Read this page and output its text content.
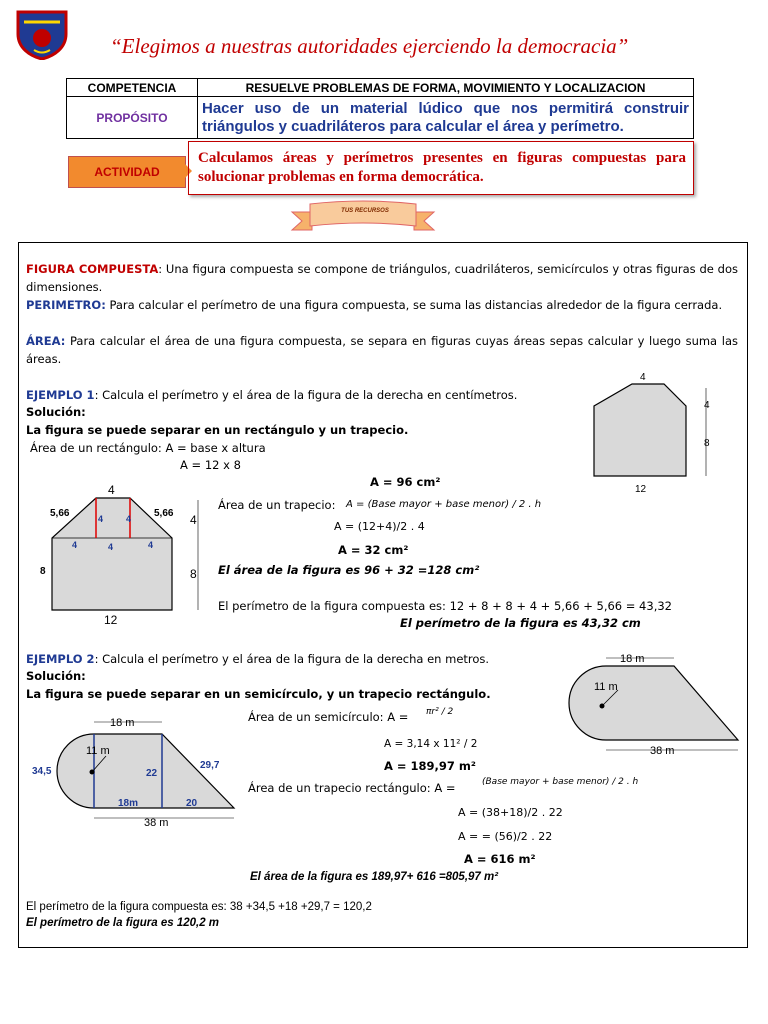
“Elegimos a nuestras autoridades ejerciendo la democracia”
COMPETENCIA	RESUELVE PROBLEMAS DE FORMA, MOVIMIENTO Y LOCALIZACION
PROPÓSITO	Hacer uso de un material lúdico que nos permitirá construir triángulos y cuadriláteros para calcular el área y perímetro.
ACTIVIDAD
Calculamos áreas y perímetros presentes en figuras compuestas para solucionar problemas en forma democrática.
TUS RECURSOS
FIGURA COMPUESTA: Una figura compuesta se compone de triángulos, cuadriláteros, semicírculos y otras figuras de dos dimensiones.
PERIMETRO: Para calcular el perímetro de una figura compuesta, se suma las distancias alrededor de la figura cerrada.
ÁREA: Para calcular el área de una figura compuesta, se separa en figuras cuyas áreas sepas calcular y luego suma las áreas.
EJEMPLO 1: Calcula el perímetro y el área de la figura de la derecha en centímetros.
Solución:
La figura se puede separar en un rectángulo y un trapecio.
Área de un rectángulo: A = base x altura
A = 12 x 8
A = 96 cm²
Área de un trapecio: A = (Base mayor + base menor) / 2 . h
A = (12+4)/2 . 4
A = 32 cm²
El área de la figura es 96 + 32 =128 cm²
El perímetro de la figura compuesta es: 12 + 8 + 8 + 4 + 5,66 + 5,66 = 43,32
El perímetro de la figura es 43,32 cm
4
4
8
12
4
5,66	5,66
4	4
4	4	4
4
8
8
12
EJEMPLO 2: Calcula el perímetro y el área de la figura de la derecha en metros.
Solución:
La figura se puede separar en un semicírculo, y un trapecio rectángulo.
Área de un semicírculo: A = πr² / 2
A = 3,14 x 11² / 2
A = 189,97 m²
Área de un trapecio rectángulo: A =	(Base mayor + base menor) / 2 . h
A = (38+18)/2 . 22
A = = (56)/2 . 22
A = 616 m²
El área de la figura es 189,97+ 616 =805,97 m²
El perímetro de la figura compuesta es: 38 +34,5 +18 +29,7 = 120,2
El perímetro de la figura es 120,2 m
18 m
11 m
38 m
18 m
11 m
34,5	22
29,7
18m	20
38 m
